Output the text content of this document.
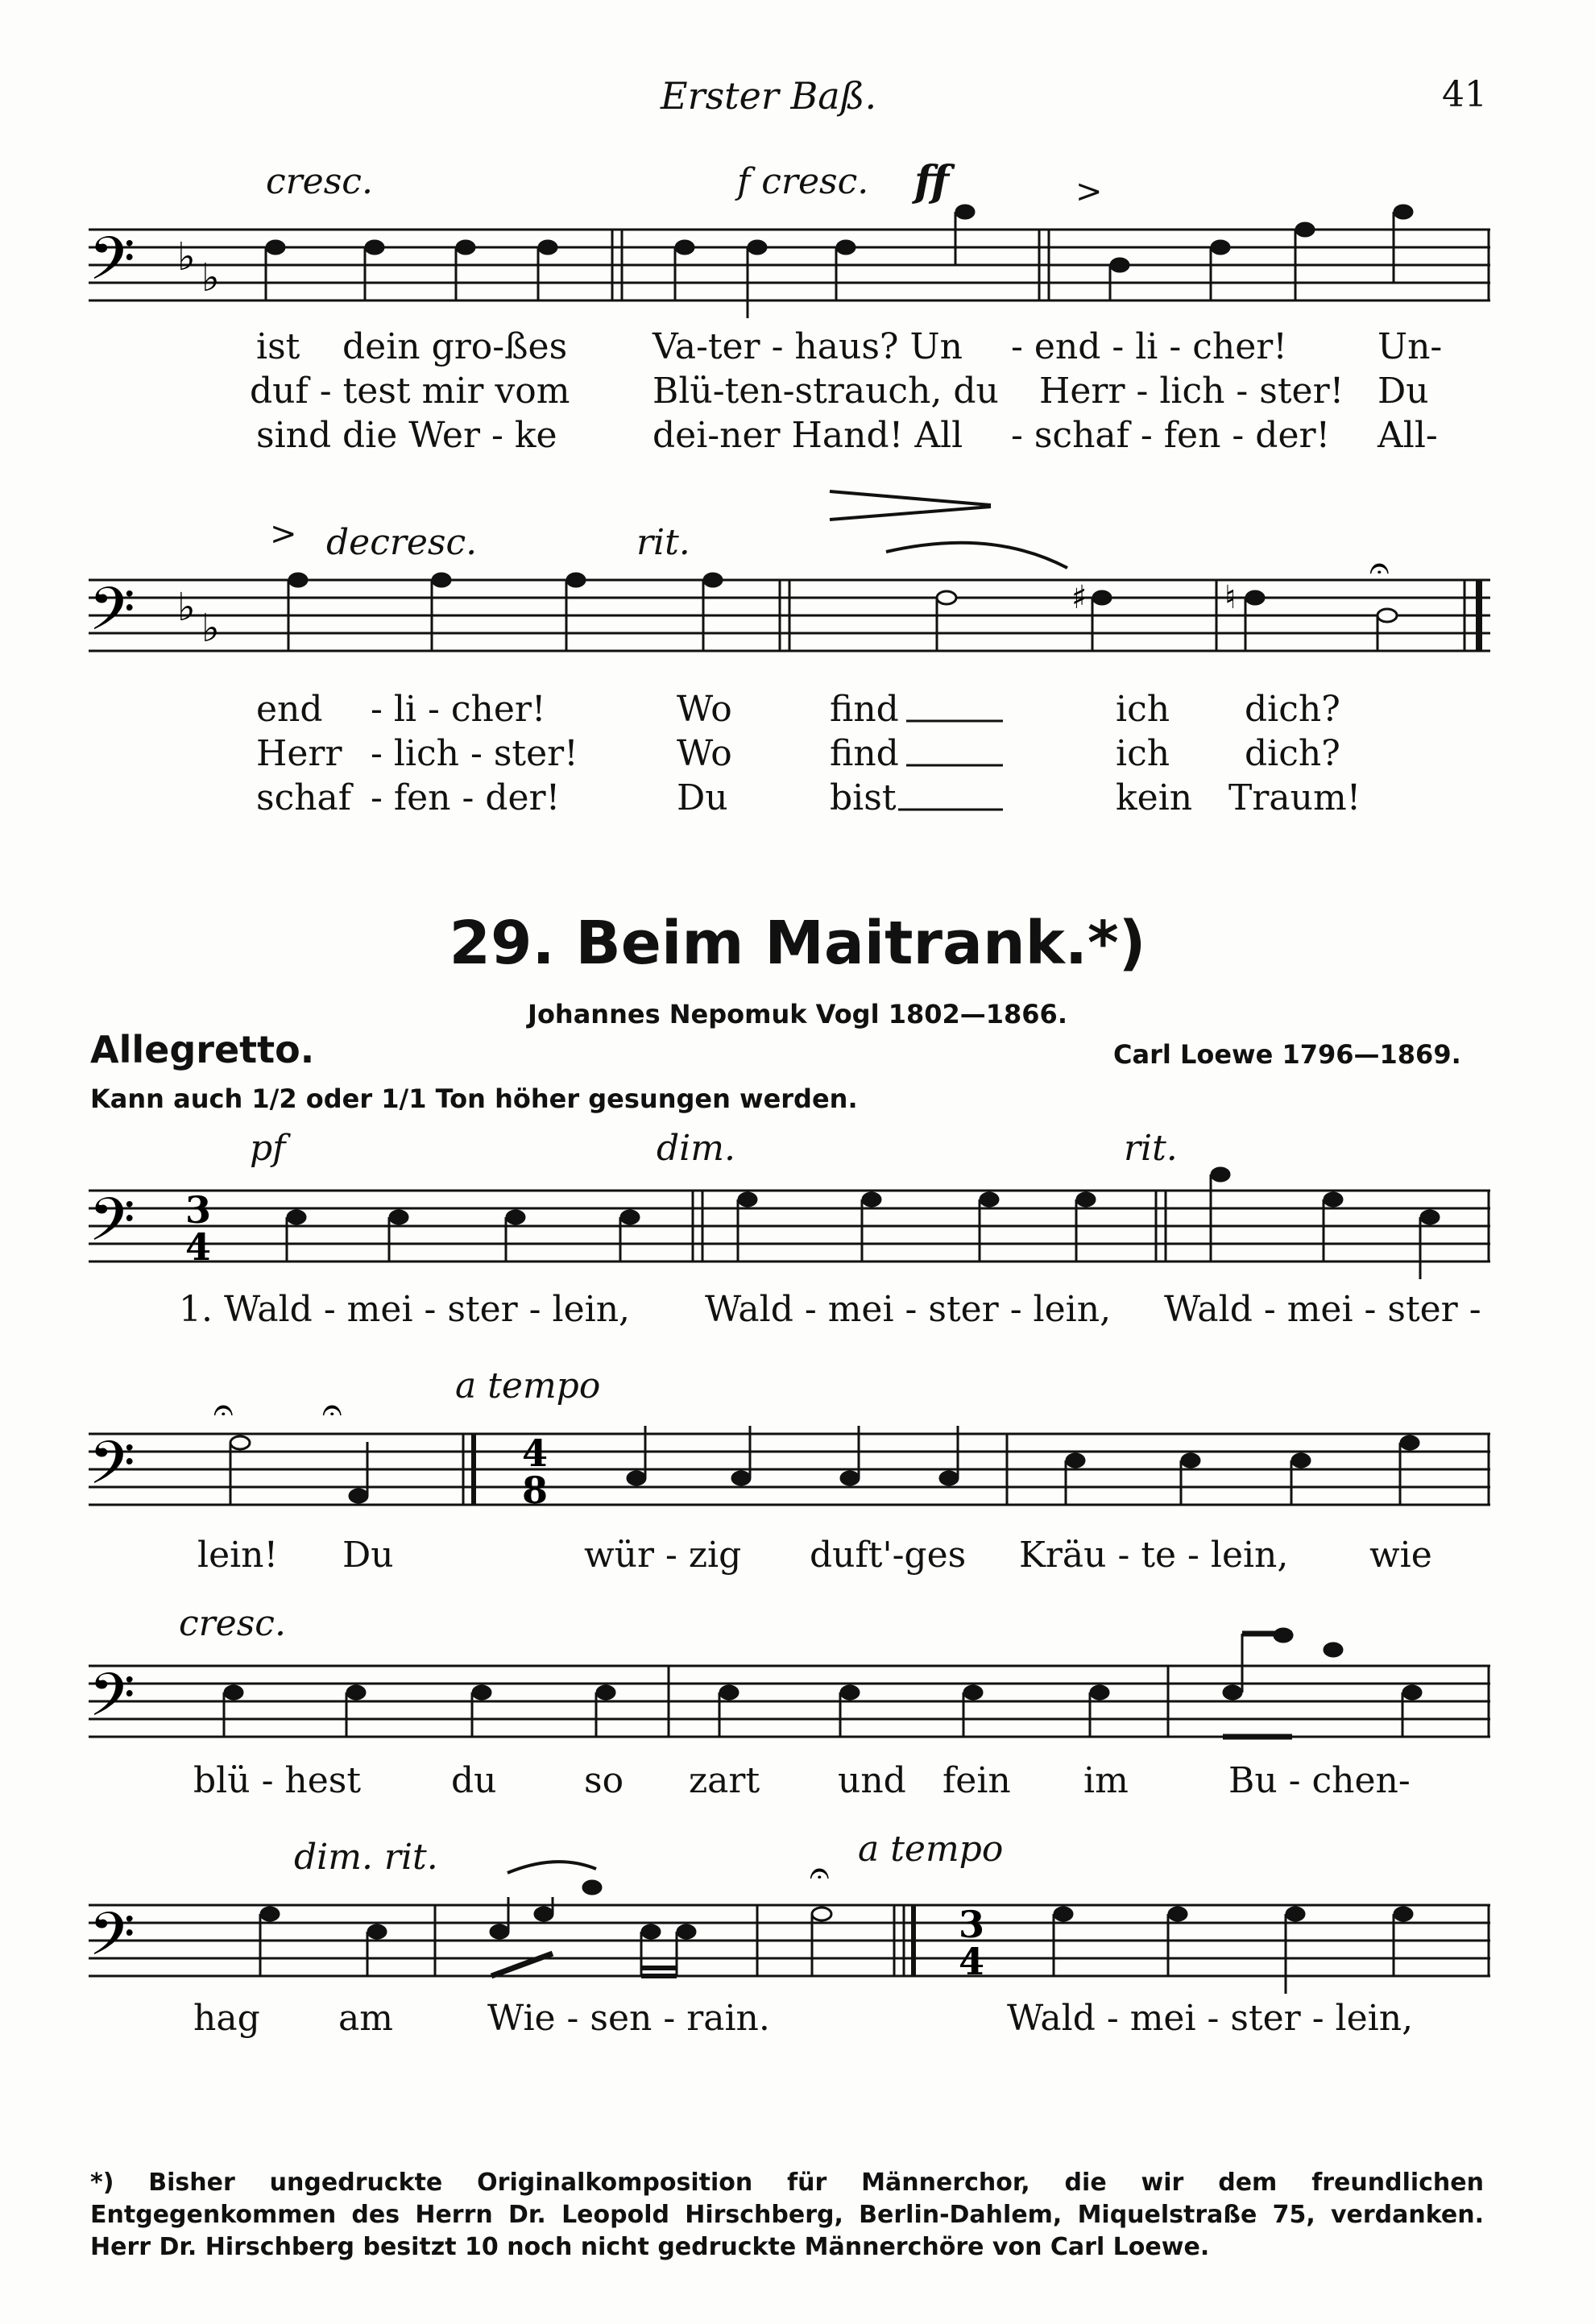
Erster Baß.	41
cresc.	f cresc. ff	>
𝄢 ♭ ♭
ist dein gro-ßes Va-ter - haus? Un - end - li - cher!	Un-
duf - test mir vom Blü-ten-strauch, du Herr - lich - ster! Du
sind die Wer - ke	dei-ner Hand! All - schaf - fen - der! All-
> decresc.	rit.
𝄢 ♭ ♭
♯	♮
𝄐
end - li - cher!	Wo	find	ich dich?
Herr - lich - ster!	Wo	find	ich dich?
schaf - fen - der!	Du	bist	kein Traum!
29. Beim Maitrank.*)
Johannes Nepomuk Vogl 1802—1866.
Allegretto.	Carl Loewe 1796—1869.
Kann auch 1/2 oder 1/1 Ton höher gesungen werden.
pf	dim.	rit.
𝄢 3
4
1. Wald - mei - ster - lein, Wald - mei - ster - lein, Wald - mei - ster -
a tempo
𝄢	4
8
𝄐	𝄐
lein! Du	wür - zig duft'-ges Kräu - te - lein, wie
cresc.
𝄢
blü - hest	du so zart und fein im	Bu - chen-
dim. rit.	a tempo
𝄢	3
4
𝄐
hag am	Wie - sen - rain.	Wald - mei - ster - lein,
*) Bisher ungedruckte Originalkomposition für Männerchor, die wir dem freundlichen Entgegenkommen des Herrn Dr. Leopold Hirschberg, Berlin-Dahlem, Miquelstraße 75, verdanken. Herr Dr. Hirschberg besitzt 10 noch nicht gedruckte Männerchöre von Carl Loewe.
